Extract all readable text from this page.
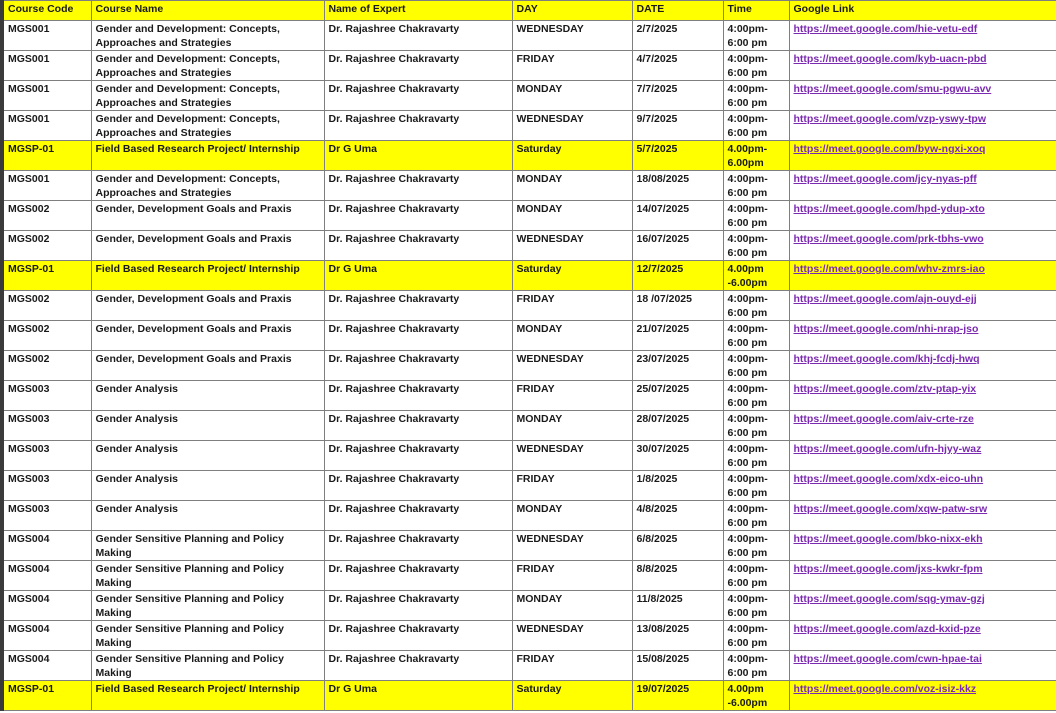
Course Code	Course Name	Name of Expert	DAY	DATE	Time	Google Link
MGS001	Gender and Development: Concepts, Approaches and Strategies	Dr. Rajashree Chakravarty	WEDNESDAY	2/7/2025	4:00pm-6:00 pm	https://meet.google.com/hie-vetu-edf
MGS001	Gender and Development: Concepts, Approaches and Strategies	Dr. Rajashree Chakravarty	FRIDAY	4/7/2025	4:00pm-6:00 pm	https://meet.google.com/kyb-uacn-pbd
MGS001	Gender and Development: Concepts, Approaches and Strategies	Dr. Rajashree Chakravarty	MONDAY	7/7/2025	4:00pm-6:00 pm	https://meet.google.com/smu-pgwu-avv
MGS001	Gender and Development: Concepts, Approaches and Strategies	Dr. Rajashree Chakravarty	WEDNESDAY	9/7/2025	4:00pm-6:00 pm	https://meet.google.com/vzp-yswy-tpw
MGSP-01	Field Based Research Project/ Internship	Dr G Uma	Saturday	5/7/2025	4.00pm-6.00pm	https://meet.google.com/byw-ngxi-xoq
MGS001	Gender and Development: Concepts, Approaches and Strategies	Dr. Rajashree Chakravarty	MONDAY	18/08/2025	4:00pm-6:00 pm	https://meet.google.com/jcy-nyas-pff
MGS002	Gender, Development Goals and Praxis	Dr. Rajashree Chakravarty	MONDAY	14/07/2025	4:00pm-6:00 pm	https://meet.google.com/hpd-ydup-xto
MGS002	Gender, Development Goals and Praxis	Dr. Rajashree Chakravarty	WEDNESDAY	16/07/2025	4:00pm-6:00 pm	https://meet.google.com/prk-tbhs-vwo
MGSP-01	Field Based Research Project/ Internship	Dr G Uma	Saturday	12/7/2025	4.00pm -6.00pm	https://meet.google.com/whv-zmrs-iao
MGS002	Gender, Development Goals and Praxis	Dr. Rajashree Chakravarty	FRIDAY	18 /07/2025	4:00pm-6:00 pm	https://meet.google.com/ajn-ouyd-ejj
MGS002	Gender, Development Goals and Praxis	Dr. Rajashree Chakravarty	MONDAY	21/07/2025	4:00pm-6:00 pm	https://meet.google.com/nhi-nrap-jso
MGS002	Gender, Development Goals and Praxis	Dr. Rajashree Chakravarty	WEDNESDAY	23/07/2025	4:00pm-6:00 pm	https://meet.google.com/khj-fcdj-hwq
MGS003	Gender Analysis	Dr. Rajashree Chakravarty	FRIDAY	25/07/2025	4:00pm-6:00 pm	https://meet.google.com/ztv-ptap-yix
MGS003	Gender Analysis	Dr. Rajashree Chakravarty	MONDAY	28/07/2025	4:00pm-6:00 pm	https://meet.google.com/aiv-crte-rze
MGS003	Gender Analysis	Dr. Rajashree Chakravarty	WEDNESDAY	30/07/2025	4:00pm-6:00 pm	https://meet.google.com/ufn-hjyy-waz
MGS003	Gender Analysis	Dr. Rajashree Chakravarty	FRIDAY	1/8/2025	4:00pm-6:00 pm	https://meet.google.com/xdx-eico-uhn
MGS003	Gender Analysis	Dr. Rajashree Chakravarty	MONDAY	4/8/2025	4:00pm-6:00 pm	https://meet.google.com/xqw-patw-srw
MGS004	Gender Sensitive Planning and Policy Making	Dr. Rajashree Chakravarty	WEDNESDAY	6/8/2025	4:00pm-6:00 pm	https://meet.google.com/bko-nixx-ekh
MGS004	Gender Sensitive Planning and Policy Making	Dr. Rajashree Chakravarty	FRIDAY	8/8/2025	4:00pm-6:00 pm	https://meet.google.com/jxs-kwkr-fpm
MGS004	Gender Sensitive Planning and Policy Making	Dr. Rajashree Chakravarty	MONDAY	11/8/2025	4:00pm-6:00 pm	https://meet.google.com/sqg-ymav-gzj
MGS004	Gender Sensitive Planning and Policy Making	Dr. Rajashree Chakravarty	WEDNESDAY	13/08/2025	4:00pm-6:00 pm	https://meet.google.com/azd-kxid-pze
MGS004	Gender Sensitive Planning and Policy Making	Dr. Rajashree Chakravarty	FRIDAY	15/08/2025	4:00pm-6:00 pm	https://meet.google.com/cwn-hpae-tai
MGSP-01	Field Based Research Project/ Internship	Dr G Uma	Saturday	19/07/2025	4.00pm -6.00pm	https://meet.google.com/voz-isiz-kkz
